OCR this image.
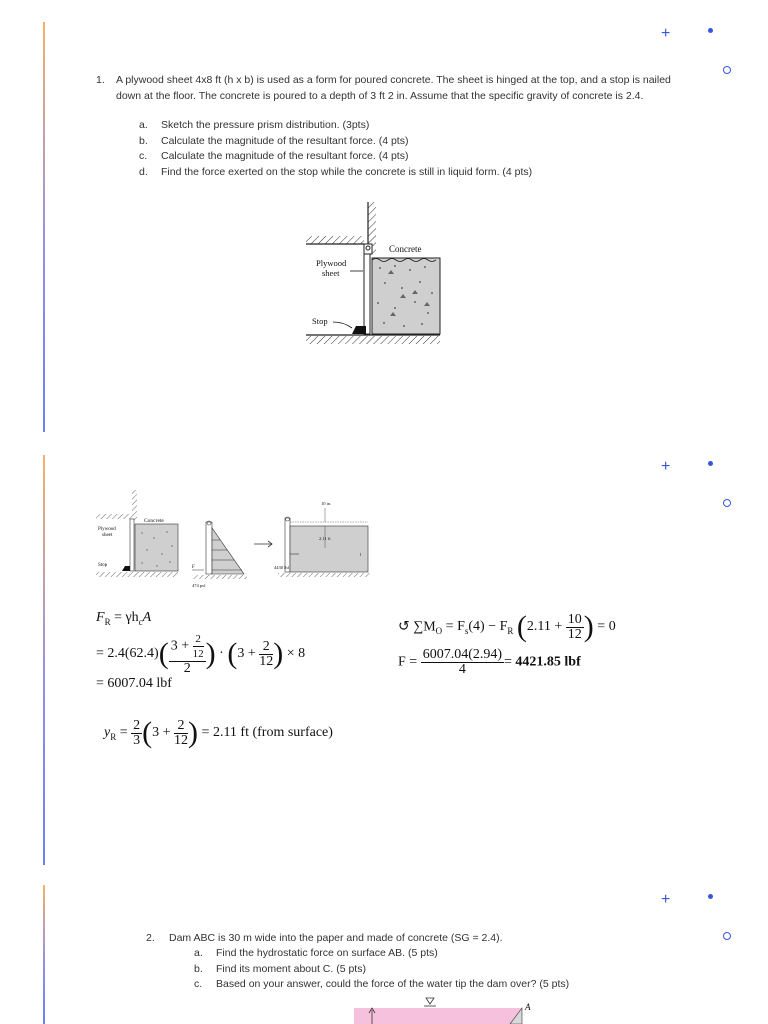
+
+
+
1. A plywood sheet 4x8 ft (h x b) is used as a form for poured concrete. The sheet is hinged at the top, and a stop is nailed down at the floor. The concrete is poured to a depth of 3 ft 2 in. Assume that the specific gravity of concrete is 2.4.
a. Sketch the pressure prism distribution. (3pts)
b. Calculate the magnitude of the resultant force. (4 pts)
c. Calculate the magnitude of the resultant force. (4 pts)
d. Find the force exerted on the stop while the concrete is still in liquid form. (4 pts)
Concrete
Plywood
sheet
Stop
Concrete
Plywood
sheet
Stop	F
474 psf
10 in.
2.11 ft
4430 lbf
l
$F_R = \gamma h_cA$
= $2.4(62.4)( \frac{3 + \frac{2}{12}}{2}$ ) · ($3 + \frac{2}{12}$ ) × 8
= 6007.04 lbf
↺ $\sum M_O = F_s(4) - F_R$ ($2.11 + \frac{10}{12}$ ) = 0
$F = \frac{6007.04(2.94)}{4} = 4421.85$ lbf
$y_R = \frac{2}{3} (3 + \frac{2}{12}$ ) = 2.11 ft (from surface)
2. Dam ABC is 30 m wide into the paper and made of concrete (SG = 2.4).
a. Find the hydrostatic force on surface AB. (5 pts)
b. Find its moment about C. (5 pts)
c. Based on your answer, could the force of the water tip the dam over? (5 pts)
A
